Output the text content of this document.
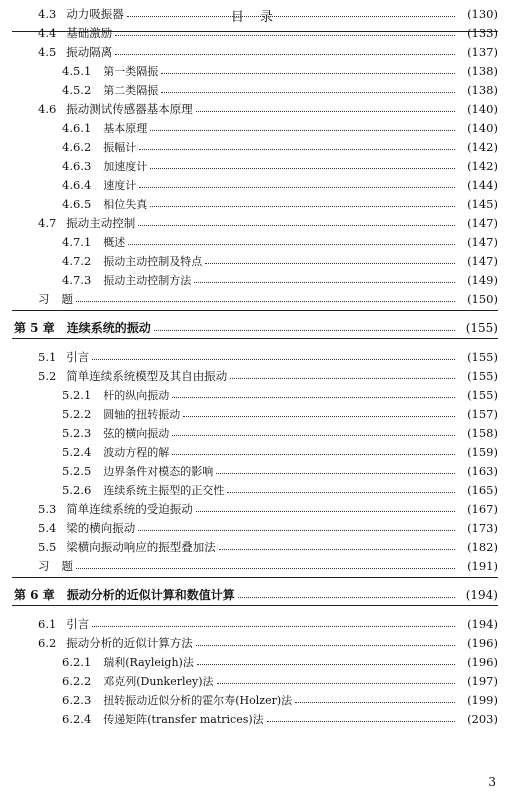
目 录
4.3 动力吸振器	(130)
4.4 基础激励	(133)
4.5 振动隔离	(137)
4.5.1 第一类隔振	(138)
4.5.2 第二类隔振	(138)
4.6 振动测试传感器基本原理	(140)
4.6.1 基本原理	(140)
4.6.2 振幅计	(142)
4.6.3 加速度计	(142)
4.6.4 速度计	(144)
4.6.5 相位失真	(145)
4.7 振动主动控制	(147)
4.7.1 概述	(147)
4.7.2 振动主动控制及特点	(147)
4.7.3 振动主动控制方法	(149)
习 题	(150)
第 5 章 连续系统的振动	(155)
5.1 引言	(155)
5.2 简单连续系统模型及其自由振动	(155)
5.2.1 杆的纵向振动	(155)
5.2.2 圆轴的扭转振动	(157)
5.2.3 弦的横向振动	(158)
5.2.4 波动方程的解	(159)
5.2.5 边界条件对模态的影响	(163)
5.2.6 连续系统主振型的正交性	(165)
5.3 简单连续系统的受迫振动	(167)
5.4 梁的横向振动	(173)
5.5 梁横向振动响应的振型叠加法	(182)
习 题	(191)
第 6 章 振动分析的近似计算和数值计算	(194)
6.1 引言	(194)
6.2 振动分析的近似计算方法	(196)
6.2.1 瑞利(Rayleigh)法	(196)
6.2.2 邓克列(Dunkerley)法	(197)
6.2.3 扭转振动近似分析的霍尔寿(Holzer)法	(199)
6.2.4 传递矩阵(transfer matrices)法	(203)
3
